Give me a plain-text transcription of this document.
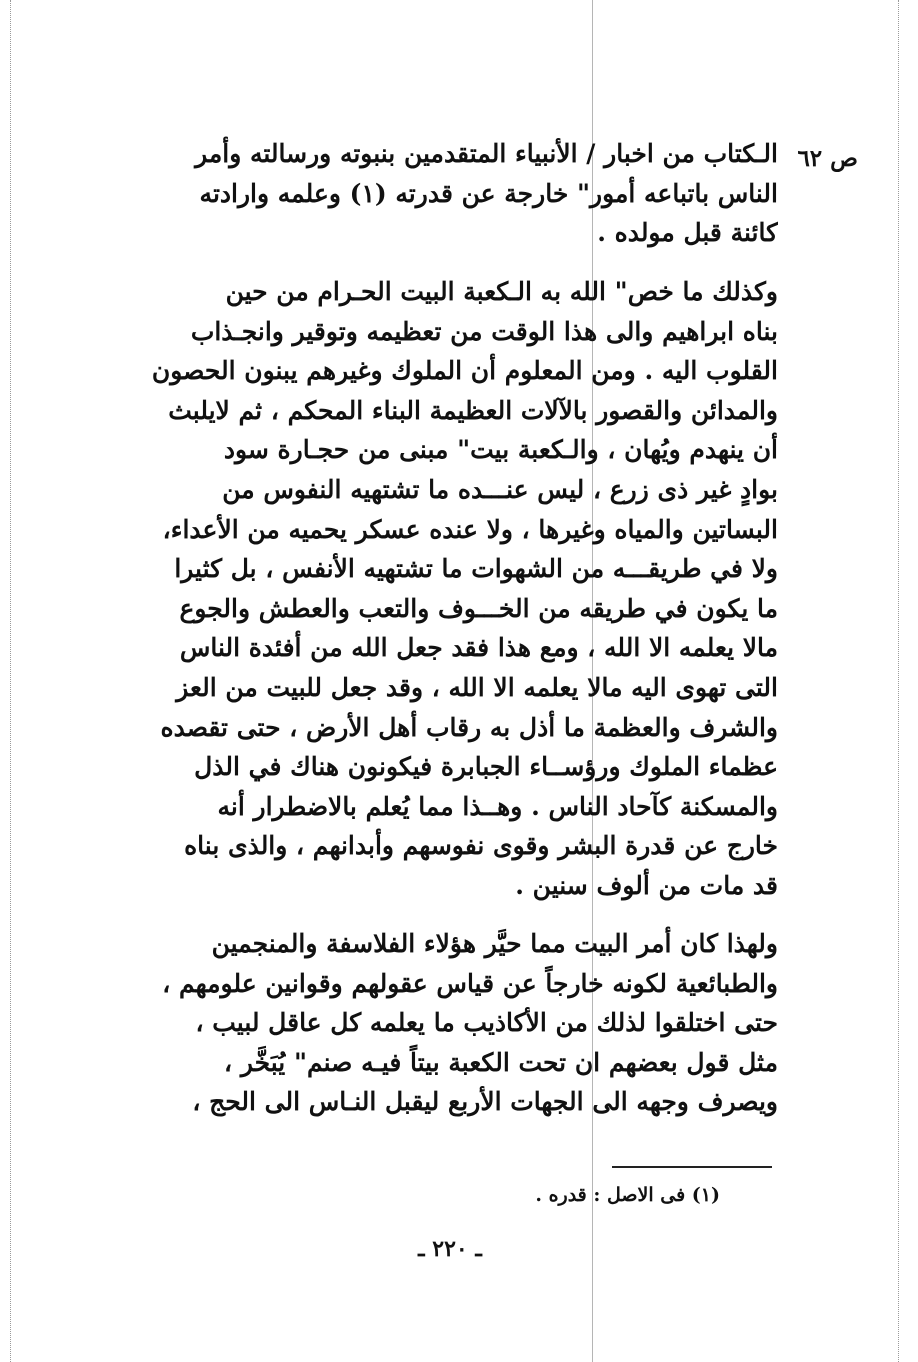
ص ٦٢
الـكتاب من اخبار / الأنبياء المتقدمين بنبوته ورسالته وأمر
الناس باتباعه أمور" خارجة عن قدرته (١) وعلمه وارادته
كائنة قبل مولده .
وكذلك ما خص" الله به الـكعبة البيت الحـرام من حين
بناه ابراهيم والى هذا الوقت من تعظيمه وتوقير وانجـذاب
القلوب اليه . ومن المعلوم أن الملوك وغيرهم يبنون الحصون
والمدائن والقصور بالآلات العظيمة البناء المحكم ، ثم لايلبث
أن ينهدم ويُهان ، والـكعبة بيت" مبنى من حجـارة سود
بوادٍ غير ذى زرع ، ليس عنـــده ما تشتهيه النفوس من
البساتين والمياه وغيرها ، ولا عنده عسكر يحميه من الأعداء،
ولا في طريقـــه من الشهوات ما تشتهيه الأنفس ، بل كثيرا
ما يكون في طريقه من الخـــوف والتعب والعطش والجوع
مالا يعلمه الا الله ، ومع هذا فقد جعل الله من أفئدة الناس
التى تهوى اليه مالا يعلمه الا الله ، وقد جعل للبيت من العز
والشرف والعظمة ما أذل به رقاب أهل الأرض ، حتى تقصده
عظماء الملوك ورؤســاء الجبابرة فيكونون هناك في الذل
والمسكنة كآحاد الناس . وهــذا مما يُعلم بالاضطرار أنه
خارج عن قدرة البشر وقوى نفوسهم وأبدانهم ، والذى بناه
قد مات من ألوف سنين .
ولهذا كان أمر البيت مما حيَّر هؤلاء الفلاسفة والمنجمين
والطبائعية لكونه خارجاً عن قياس عقولهم وقوانين علومهم ،
حتى اختلقوا لذلك من الأكاذيب ما يعلمه كل عاقل لبيب ،
مثل قول بعضهم ان تحت الكعبة بيتاً فيـه صنم" يُبَخَّر ،
ويصرف وجهه الى الجهات الأربع ليقبل النـاس الى الحج ،
(١) فى الاصل : قدره .
ـ ٢٢٠ ـ
